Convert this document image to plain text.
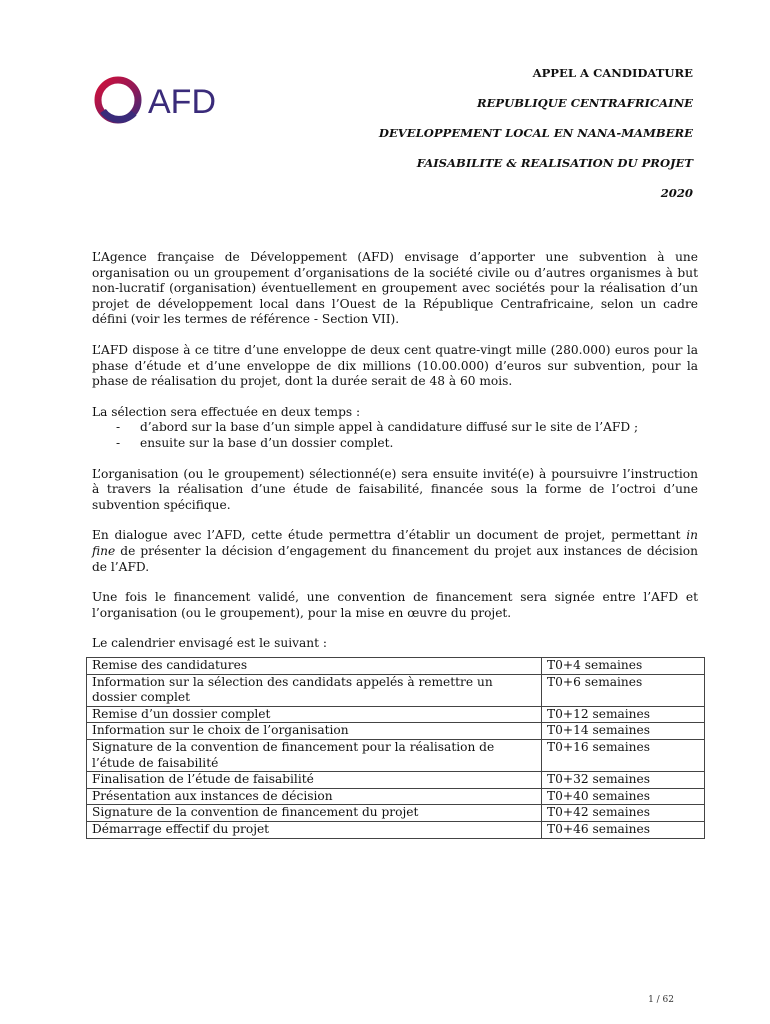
AFD
APPEL A CANDIDATURE
REPUBLIQUE CENTRAFRICAINE
DEVELOPPEMENT LOCAL EN NANA-MAMBERE
FAISABILITE & REALISATION DU PROJET
2020

L’Agence française de Développement (AFD) envisage d’apporter une subvention à une organisation ou un groupement d’organisations de la société civile ou d’autres organismes à but non-lucratif (organisation) éventuellement en groupement avec sociétés pour la réalisation d’un projet de développement local dans l’Ouest de la République Centrafricaine, selon un cadre défini (voir les termes de référence - Section VII).

L’AFD dispose à ce titre d’une enveloppe de deux cent quatre-vingt mille (280.000) euros pour la phase d’étude et d’une enveloppe de dix millions (10.00.000) d’euros sur subvention, pour la phase de réalisation du projet, dont la durée serait de 48 à 60 mois.

La sélection sera effectuée en deux temps :

- d’abord sur la base d’un simple appel à candidature diffusé sur le site de l’AFD ;
- ensuite sur la base d’un dossier complet.

L’organisation (ou le groupement) sélectionné(e) sera ensuite invité(e) à poursuivre l’instruction à travers la réalisation d’une étude de faisabilité, financée sous la forme de l’octroi d’une subvention spécifique.

En dialogue avec l’AFD, cette étude permettra d’établir un document de projet, permettant in fine de présenter la décision d’engagement du financement du projet aux instances de décision de l’AFD.

Une fois le financement validé, une convention de financement sera signée entre l’AFD et l’organisation (ou le groupement), pour la mise en œuvre du projet.

Le calendrier envisagé est le suivant :

Remise des candidatures	T0+4 semaines
Information sur la sélection des candidats appelés à remettre un dossier complet	T0+6 semaines
Remise d’un dossier complet	T0+12 semaines
Information sur le choix de l’organisation	T0+14 semaines
Signature de la convention de financement pour la réalisation de l’étude de faisabilité	T0+16 semaines
Finalisation de l’étude de faisabilité	T0+32 semaines
Présentation aux instances de décision	T0+40 semaines
Signature de la convention de financement du projet	T0+42 semaines
Démarrage effectif du projet	T0+46 semaines
1 / 62
